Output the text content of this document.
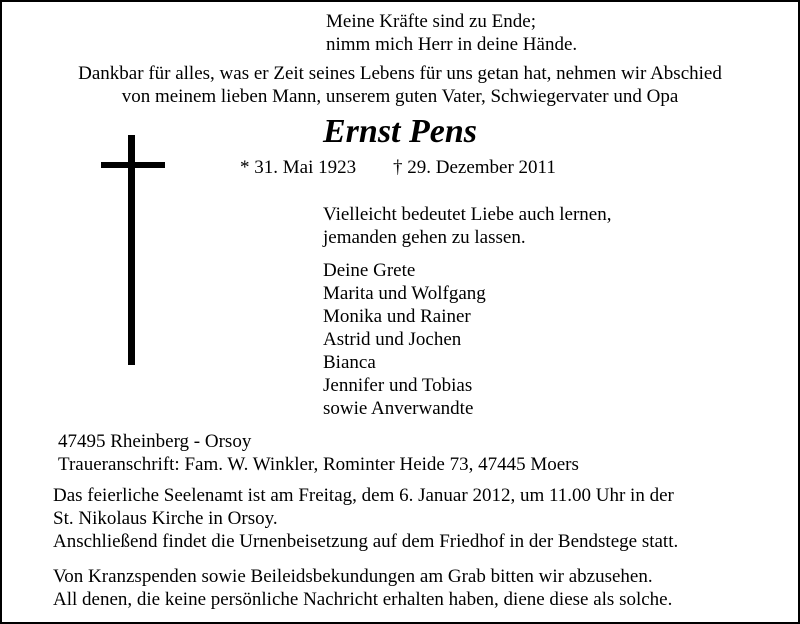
Meine Kräfte sind zu Ende;
nimm mich Herr in deine Hände.
Dankbar für alles, was er Zeit seines Lebens für uns getan hat, nehmen wir Abschied
von meinem lieben Mann, unserem guten Vater, Schwiegervater und Opa
Ernst Pens
* 31. Mai 1923 † 29. Dezember 2011
Vielleicht bedeutet Liebe auch lernen,
jemanden gehen zu lassen.
Deine Grete
Marita und Wolfgang
Monika und Rainer
Astrid und Jochen
Bianca
Jennifer und Tobias
sowie Anverwandte
47495 Rheinberg - Orsoy
Traueranschrift: Fam. W. Winkler, Rominter Heide 73, 47445 Moers
Das feierliche Seelenamt ist am Freitag, dem 6. Januar 2012, um 11.00 Uhr in der
St. Nikolaus Kirche in Orsoy.
Anschließend findet die Urnenbeisetzung auf dem Friedhof in der Bendstege statt.
Von Kranzspenden sowie Beileidsbekundungen am Grab bitten wir abzusehen.
All denen, die keine persönliche Nachricht erhalten haben, diene diese als solche.
